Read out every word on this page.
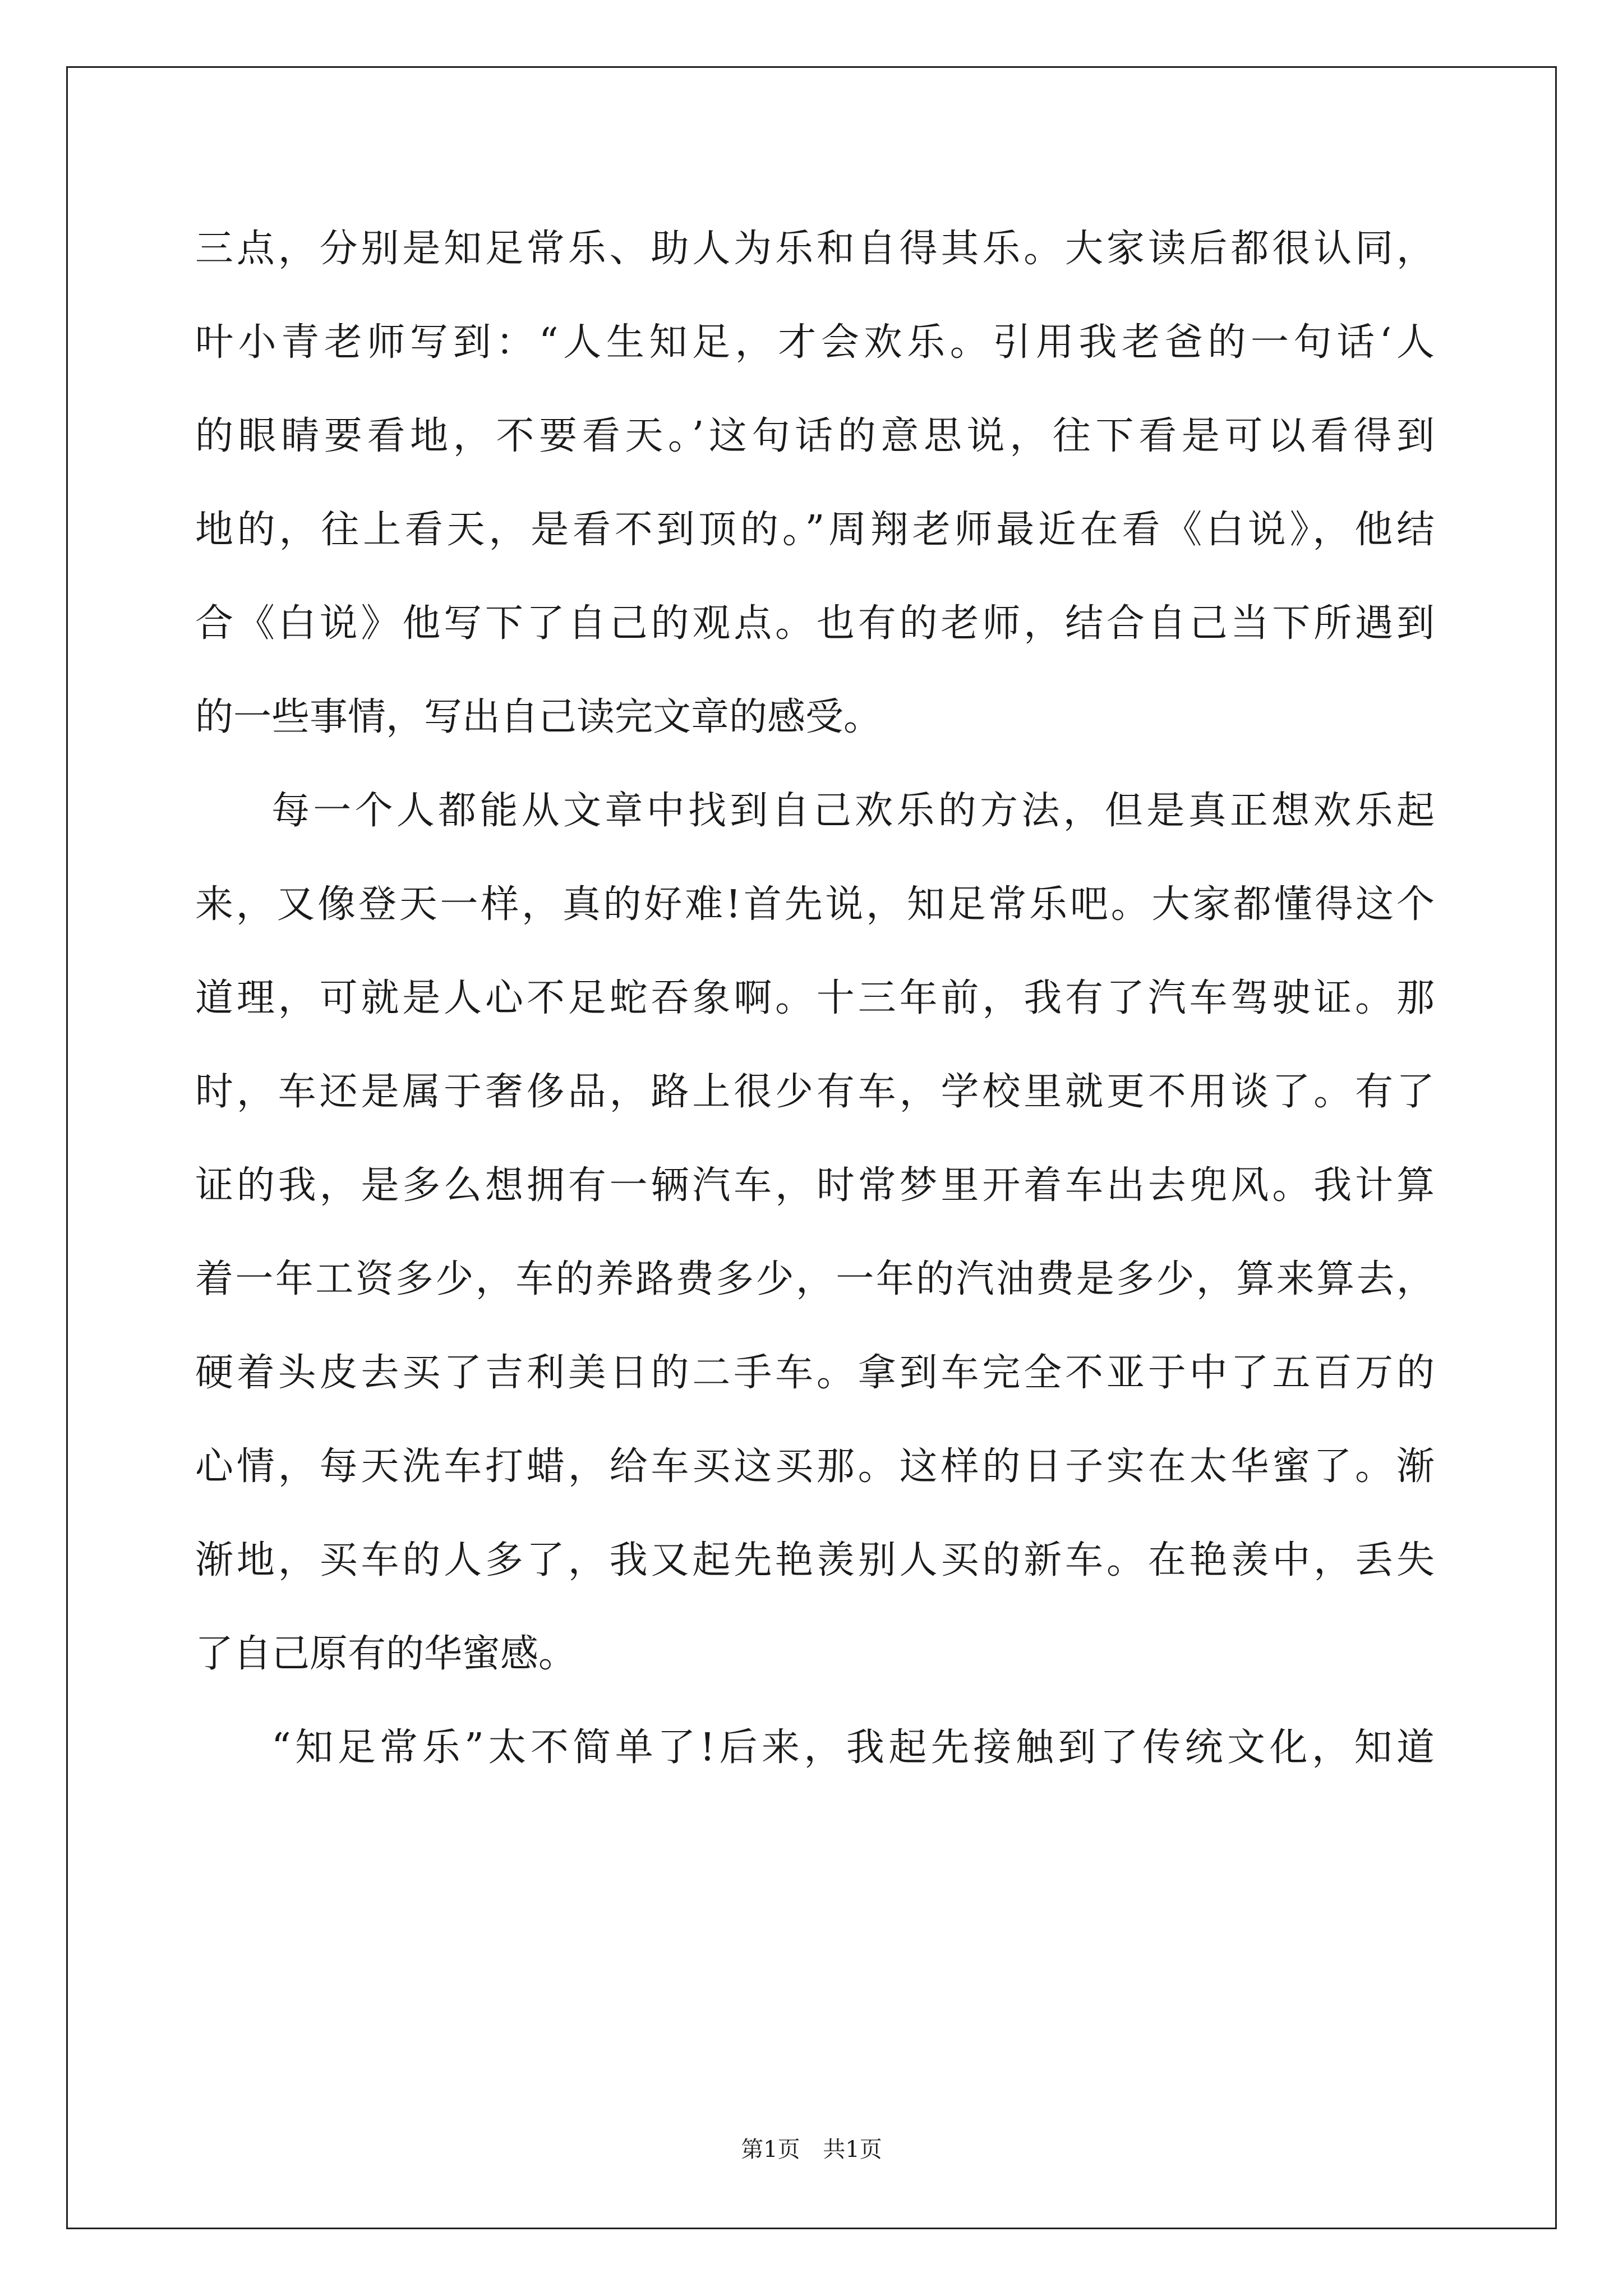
三点，分别是知足常乐、助人为乐和自得其乐。大家读后都很认同，
叶小青老师写到：“人生知足，才会欢乐。引用我老爸的一句话‘人
的眼睛要看地，不要看天。’这句话的意思说，往下看是可以看得到
地的，往上看天，是看不到顶的。”周翔老师最近在看《白说》，他结
合《白说》他写下了自己的观点。也有的老师，结合自己当下所遇到
的一些事情，写出自己读完文章的感受。
每一个人都能从文章中找到自己欢乐的方法，但是真正想欢乐起
来，又像登天一样，真的好难!首先说，知足常乐吧。大家都懂得这个
道理，可就是人心不足蛇吞象啊。十三年前，我有了汽车驾驶证。那
时，车还是属于奢侈品，路上很少有车，学校里就更不用谈了。有了
证的我，是多么想拥有一辆汽车，时常梦里开着车出去兜风。我计算
着一年工资多少，车的养路费多少，一年的汽油费是多少，算来算去，
硬着头皮去买了吉利美日的二手车。拿到车完全不亚于中了五百万的
心情，每天洗车打蜡，给车买这买那。这样的日子实在太华蜜了。渐
渐地，买车的人多了，我又起先艳羡别人买的新车。在艳羡中，丢失
了自己原有的华蜜感。
“知足常乐”太不简单了!后来，我起先接触到了传统文化，知道
第1页 共1页
